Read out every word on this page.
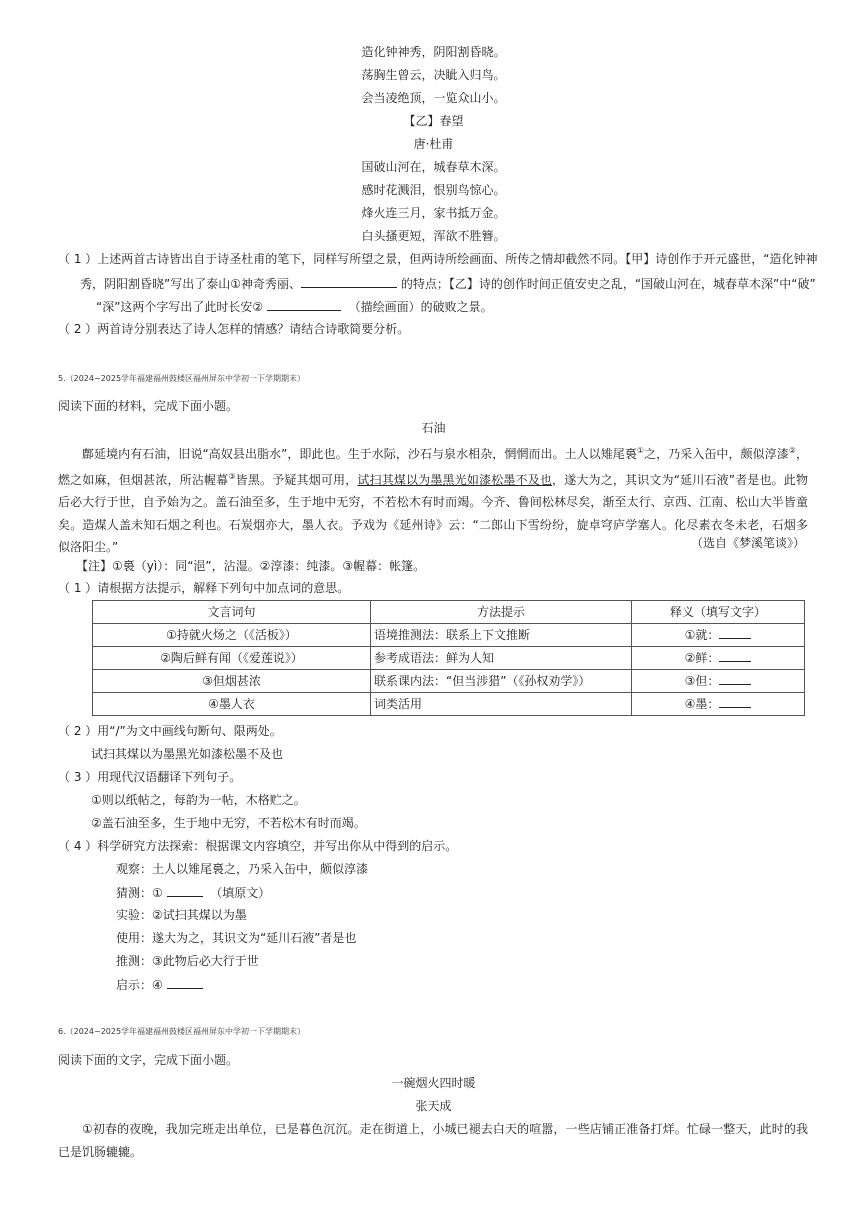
造化钟神秀，阴阳割昏晓。
荡胸生曾云，决眦入归鸟。
会当凌绝顶，一览众山小。
【乙】春望
唐·杜甫
国破山河在，城春草木深。
感时花溅泪，恨别鸟惊心。
烽火连三月，家书抵万金。
白头搔更短，浑欲不胜簪。
（ 1 ）上述两首古诗皆出自于诗圣杜甫的笔下，同样写所望之景，但两诗所绘画面、所传之情却截然不同。【甲】诗创作于开元盛世，“造化钟神
秀，阴阳割昏晓”写出了泰山①神奇秀丽、	的特点；【乙】诗的创作时间正值安史之乱，“国破山河在，城春草木深”中“破”
“深”这两个字写出了此时长安②	（描绘画面）的破败之景。
（ 2 ）两首诗分别表达了诗人怎样的情感？请结合诗歌简要分析。
5.（2024~2025学年福建福州鼓楼区福州屏东中学初一下学期期末）
阅读下面的材料，完成下面小题。
石油
鄜延境内有石油，旧说“高奴县出脂水”，即此也。生于水际，沙石与泉水相杂，惘惘而出。土人以雉尾裛①之，乃采入缶中，颇似淳漆②，燃之如麻，但烟甚浓，所沾幄幕③皆黑。予疑其烟可用，试扫其煤以为墨黑光如漆松墨不及也，遂大为之，其识文为“延川石液”者是也。此物后必大行于世，自予始为之。盖石油至多，生于地中无穷，不若松木有时而竭。今齐、鲁间松林尽矣，渐至太行、京西、江南、松山大半皆童矣。造煤人盖未知石烟之利也。石炭烟亦大，墨人衣。予戏为《延州诗》云：“二郎山下雪纷纷，旋卓穹庐学塞人。化尽素衣冬未老，石烟多似洛阳尘。”	（选自《梦溪笔谈》）
【注】①裛（yì）：同“浥”，沾湿。②淳漆：纯漆。③幄幕：帐篷。
（ 1 ）请根据方法提示，解释下列句中加点词的意思。
文言词句	方法提示	释义（填写文字）
①持就火炀之（《活板》）	语境推测法：联系上下文推断	①就：
②陶后鲜有闻（《爱莲说》）	参考成语法：鲜为人知	②鲜：
③但烟甚浓	联系课内法：“但当涉猎”（《孙权劝学》）	③但：
④墨人衣	词类活用	④墨：
（ 2 ）用“/”为文中画线句断句、限两处。
试扫其煤以为墨黑光如漆松墨不及也
（ 3 ）用现代汉语翻译下列句子。
①则以纸帖之，每韵为一帖，木格贮之。
②盖石油至多，生于地中无穷，不若松木有时而竭。
（ 4 ）科学研究方法探索：根据课文内容填空，并写出你从中得到的启示。
观察：土人以雉尾裛之，乃采入缶中，颇似淳漆
猜测：①	（填原文）
实验：②试扫其煤以为墨
使用：遂大为之，其识文为“延川石液”者是也
推测：③此物后必大行于世
启示：④
6.（2024~2025学年福建福州鼓楼区福州屏东中学初一下学期期末）
阅读下面的文字，完成下面小题。
一碗烟火四时暖
张天成
①初春的夜晚，我加完班走出单位，已是暮色沉沉。走在街道上，小城已褪去白天的喧嚣，一些店铺正准备打烊。忙碌一整天，此时的我已是饥肠辘辘。
